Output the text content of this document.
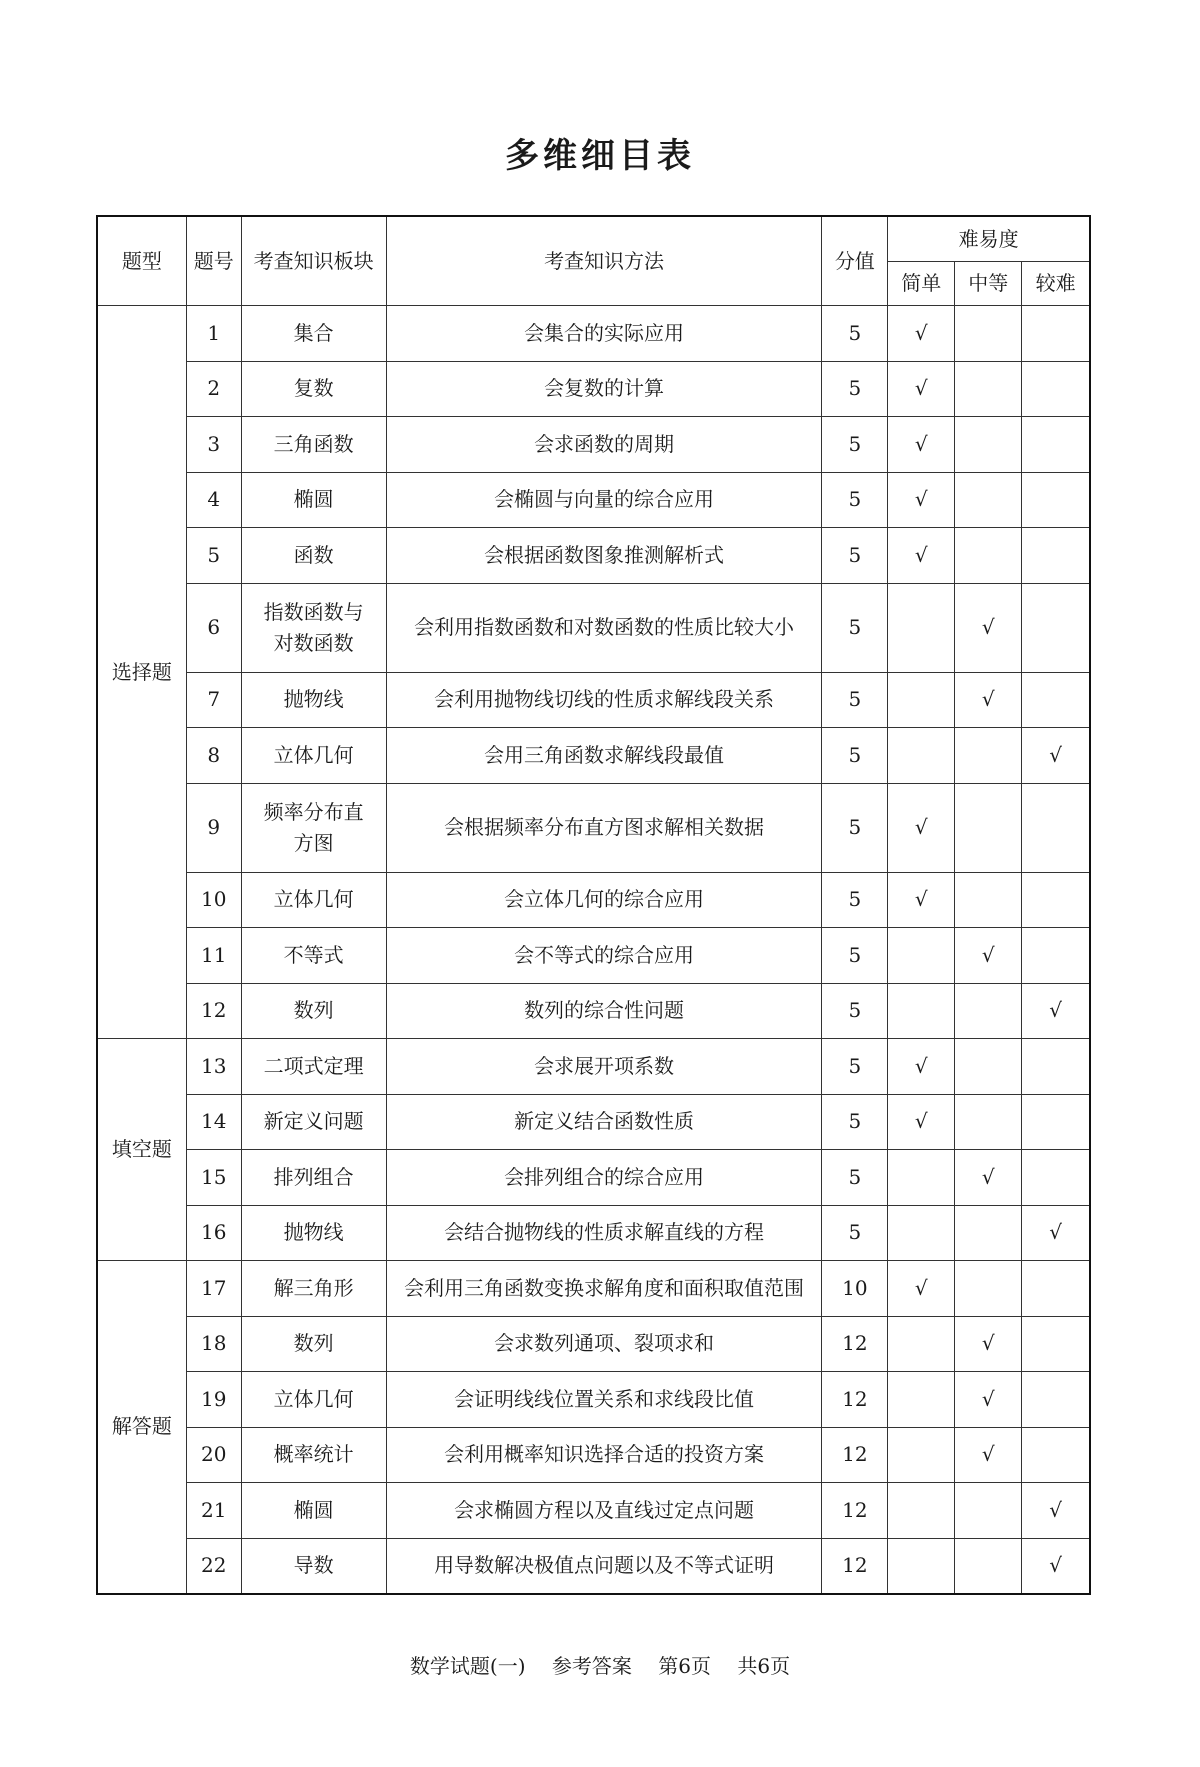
多维细目表
题型	题号	考查知识板块	考查知识方法	分值	难易度		
					简单	中等	较难
选择题	1	集合	会集合的实际应用	5	√		
	2	复数	会复数的计算	5	√		
	3	三角函数	会求函数的周期	5	√		
	4	椭圆	会椭圆与向量的综合应用	5	√		
	5	函数	会根据函数图象推测解析式	5	√		
	6	指数函数与对数函数	会利用指数函数和对数函数的性质比较大小	5		√	
	7	抛物线	会利用抛物线切线的性质求解线段关系	5		√	
	8	立体几何	会用三角函数求解线段最值	5			√
	9	频率分布直方图	会根据频率分布直方图求解相关数据	5	√		
	10	立体几何	会立体几何的综合应用	5	√		
	11	不等式	会不等式的综合应用	5		√	
	12	数列	数列的综合性问题	5			√
填空题	13	二项式定理	会求展开项系数	5	√		
	14	新定义问题	新定义结合函数性质	5	√		
	15	排列组合	会排列组合的综合应用	5		√	
	16	抛物线	会结合抛物线的性质求解直线的方程	5			√
解答题	17	解三角形	会利用三角函数变换求解角度和面积取值范围	10	√		
	18	数列	会求数列通项、裂项求和	12		√	
	19	立体几何	会证明线线位置关系和求线段比值	12		√	
	20	概率统计	会利用概率知识选择合适的投资方案	12		√	
	21	椭圆	会求椭圆方程以及直线过定点问题	12			√
	22	导数	用导数解决极值点问题以及不等式证明	12			√
数学试题(一) 参考答案 第6页 共6页
